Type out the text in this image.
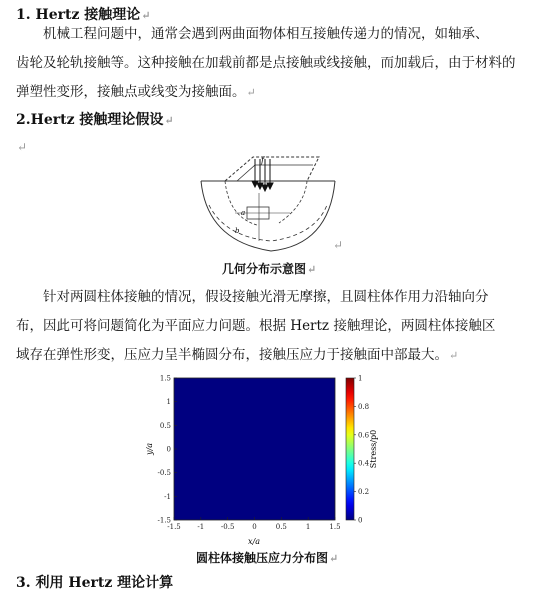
1. Hertz 接触理论↵
机械工程问题中，通常会遇到两曲面物体相互接触传递力的情况，如轴承、
齿轮及轮轨接触等。这种接触在加载前都是点接触或线接触，而加载后，由于材料的
弹塑性变形，接触点或线变为接触面。↵
2.Hertz 接触理论假设↵
↵
f
a
b
↵
几何分布示意图↵
针对两圆柱体接触的情况，假设接触光滑无摩擦，且圆柱体作用力沿轴向分
布，因此可将问题简化为平面应力问题。根据 Hertz 接触理论，两圆柱体接触区
域存在弹性形变，压应力呈半椭圆分布，接触压应力于接触面中部最大。↵
-1.5 -1 -0.5	0	0.5	1	1.5
-1.5
-1
-0.5
0
0.5
1
1.5
0
0.2
0.4
0.6
0.8
1
x/a
y/a	Stress/p0
圆柱体接触压应力分布图↵
3. 利用 Hertz 理论计算
